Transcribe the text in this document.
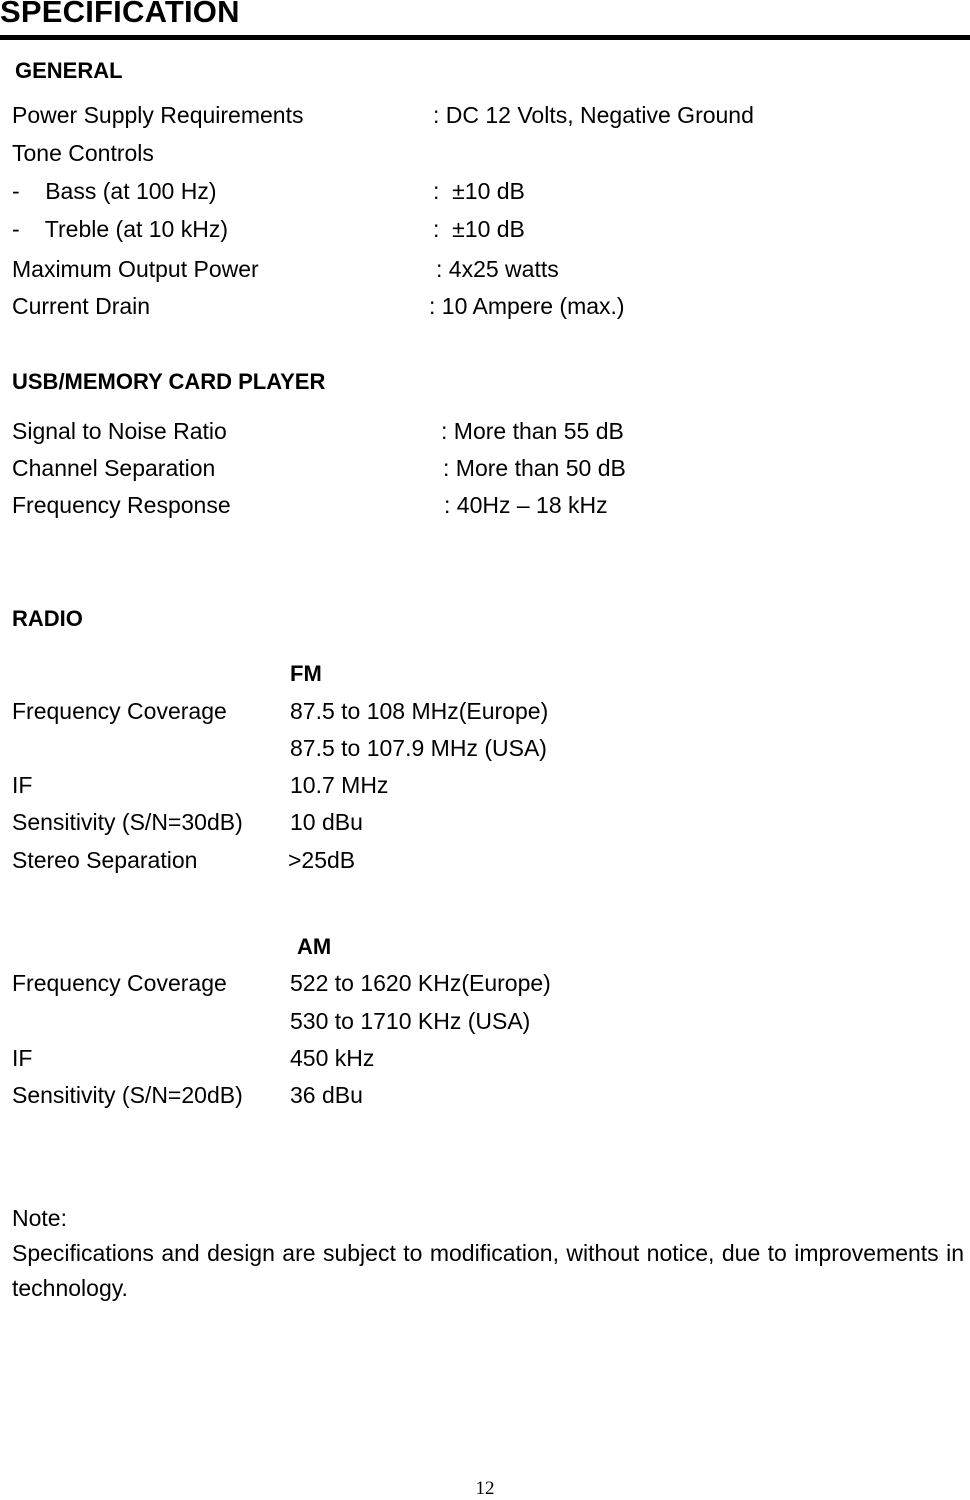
SPECIFICATION
GENERAL
Power Supply Requirements	: DC 12 Volts, Negative Ground
Tone Controls
-    Bass (at 100 Hz)	:  ±10 dB
-    Treble (at 10 kHz)	:  ±10 dB
Maximum Output Power	: 4x25 watts
Current Drain	: 10 Ampere (max.)
USB/MEMORY CARD PLAYER
Signal to Noise Ratio	: More than 55 dB
Channel Separation	: More than 50 dB
Frequency Response	: 40Hz – 18 kHz
RADIO
FM
Frequency Coverage	87.5 to 108 MHz(Europe)
87.5 to 107.9 MHz (USA)
IF	10.7 MHz
Sensitivity (S/N=30dB) 10 dBu
Stereo Separation	>25dB
AM
Frequency Coverage	522 to 1620 KHz(Europe)
530 to 1710 KHz (USA)
IF	450 kHz
Sensitivity (S/N=20dB) 36 dBu
Note:
Specifications and design are subject to modification, without notice, due to improvements in technology.
12
